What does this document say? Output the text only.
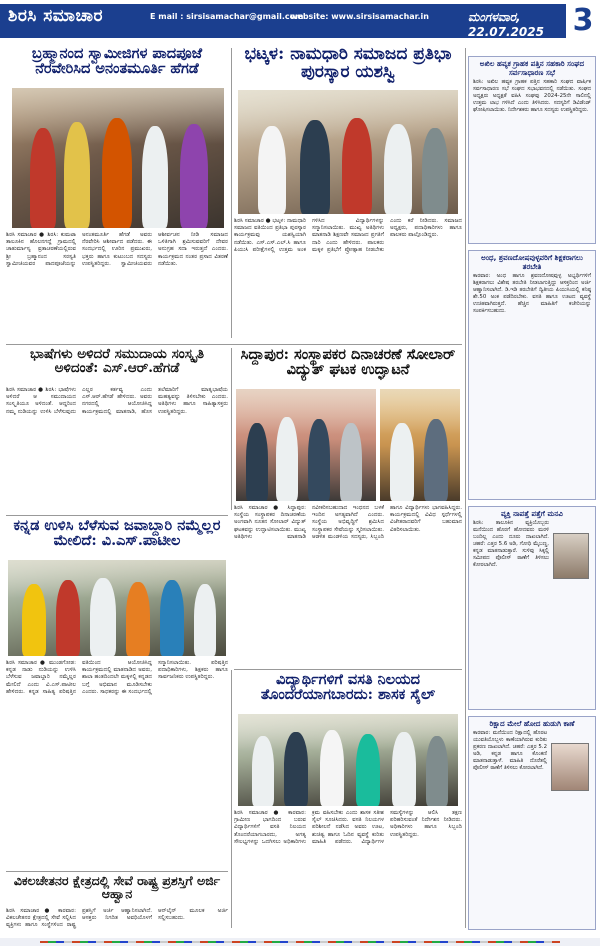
ಶಿರಸಿ ಸಮಾಚಾರ	E mail : sirsisamachar@gmail.com
website: www.sirsisamachar.in	ಮಂಗಳವಾರ, 22.07.2025 3
ಬ್ರಹ್ಮಾನಂದ ಸ್ವಾಮೀಜಿಗಳ ಪಾದಪೂಜೆ ನೆರವೇರಿಸಿದ ಅನಂತಮೂರ್ತಿ ಹೆಗಡೆ
ಶಿರಸಿ ಸಮಾಚಾರ ● ಶಿರಸಿ: ಕುಮಟಾ ತಾಲೂಕಿನ ಹೊಲನಗದ್ದೆ ಗ್ರಾಮದಲ್ಲಿ ಚಾತುರ್ಮಾಸ್ಯ ವ್ರತಾಚರಣೆಯಲ್ಲಿರುವ ಶ್ರೀ ಬ್ರಹ್ಮಾನಂದ ಸರಸ್ವತಿ ಸ್ವಾಮೀಜಿಯವರ ಪಾದಪೂಜೆಯನ್ನು ಅನಂತಮೂರ್ತಿ ಹೆಗಡೆ ಅವರು ನೆರವೇರಿಸಿ ಆಶೀರ್ವಾದ ಪಡೆದರು. ಈ ಸಂದರ್ಭದಲ್ಲಿ ಊರಿನ ಪ್ರಮುಖರು, ಭಕ್ತರು ಹಾಗೂ ಕುಟುಂಬದ ಸದಸ್ಯರು ಉಪಸ್ಥಿತರಿದ್ದರು. ಸ್ವಾಮೀಜಿಯವರು ಆಶೀರ್ವಚನ ನೀಡಿ ಸಮಾಜದ ಒಳಿತಿಗಾಗಿ ಶ್ರಮಿಸುವವರಿಗೆ ದೇವರ ಅನುಗ್ರಹ ಸದಾ ಇರುತ್ತದೆ ಎಂದರು. ಕಾರ್ಯಕ್ರಮದ ನಂತರ ಪ್ರಸಾದ ವಿತರಣೆ ನಡೆಯಿತು.
ಭಟ್ಕಳ: ನಾಮಧಾರಿ ಸಮಾಜದ ಪ್ರತಿಭಾ ಪುರಸ್ಕಾರ ಯಶಸ್ವಿ
ಶಿರಸಿ ಸಮಾಚಾರ ● ಭಟ್ಕಳ: ನಾಮಧಾರಿ ಸಮಾಜದ ವತಿಯಿಂದ ಪ್ರತಿಭಾ ಪುರಸ್ಕಾರ ಕಾರ್ಯಕ್ರಮವು ಯಶಸ್ವಿಯಾಗಿ ನಡೆಯಿತು. ಎಸ್.ಎಸ್.ಎಲ್.ಸಿ ಹಾಗೂ ಪಿಯುಸಿ ಪರೀಕ್ಷೆಗಳಲ್ಲಿ ಉತ್ತಮ ಅಂಕ ಗಳಿಸಿದ ವಿದ್ಯಾರ್ಥಿಗಳನ್ನು ಸನ್ಮಾನಿಸಲಾಯಿತು. ಮುಖ್ಯ ಅತಿಥಿಗಳು ಮಾತನಾಡಿ ಶಿಕ್ಷಣವೇ ಸಮಾಜದ ಪ್ರಗತಿಗೆ ದಾರಿ ಎಂದು ಹೇಳಿದರು. ಪಾಲಕರು ಮಕ್ಕಳ ಪ್ರತಿಭೆಗೆ ಪ್ರೋತ್ಸಾಹ ನೀಡಬೇಕು ಎಂದು ಕರೆ ನೀಡಿದರು. ಸಮಾಜದ ಅಧ್ಯಕ್ಷರು, ಪದಾಧಿಕಾರಿಗಳು ಹಾಗೂ ಪಾಲಕರು ಪಾಲ್ಗೊಂಡಿದ್ದರು.
ಭಾಷೆಗಳು ಅಳಿದರೆ ಸಮುದಾಯ ಸಂಸ್ಕೃತಿ ಅಳಿದಂತೆ: ಎಸ್.ಆರ್.ಹೆಗಡೆ
ಶಿರಸಿ ಸಮಾಚಾರ ● ಶಿರಸಿ: ಭಾಷೆಗಳು ಅಳಿದರೆ ಆ ಸಮುದಾಯದ ಸಂಸ್ಕೃತಿಯೂ ಅಳಿದಂತೆ. ಆದ್ದರಿಂದ ನಮ್ಮ ನುಡಿಯನ್ನು ಉಳಿಸಿ ಬೆಳೆಸುವುದು ಎಲ್ಲರ ಕರ್ತವ್ಯ ಎಂದು ಎಸ್.ಆರ್.ಹೆಗಡೆ ಹೇಳಿದರು. ಅವರು ನಗರದಲ್ಲಿ ಆಯೋಜಿಸಿದ್ದ ಕಾರ್ಯಕ್ರಮದಲ್ಲಿ ಮಾತನಾಡಿ, ಹೊಸ ತಲೆಮಾರಿಗೆ ಮಾತೃಭಾಷೆಯ ಮಹತ್ವವನ್ನು ತಿಳಿಸಬೇಕು ಎಂದರು. ಅತಿಥಿಗಳು ಹಾಗೂ ಸಾಹಿತ್ಯಾಸಕ್ತರು ಉಪಸ್ಥಿತರಿದ್ದರು.
ಸಿದ್ದಾಪುರ: ಸಂಸ್ಥಾಪಕರ ದಿನಾಚರಣೆ ಸೋಲಾರ್ ವಿದ್ಯುತ್ ಘಟಕ ಉದ್ಘಾಟನೆ
ಶಿರಸಿ ಸಮಾಚಾರ ● ಸಿದ್ದಾಪುರ: ಸಂಸ್ಥೆಯ ಸಂಸ್ಥಾಪಕರ ದಿನಾಚರಣೆಯ ಅಂಗವಾಗಿ ನೂತನ ಸೋಲಾರ್ ವಿದ್ಯುತ್ ಘಟಕವನ್ನು ಉದ್ಘಾಟಿಸಲಾಯಿತು. ಮುಖ್ಯ ಅತಿಥಿಗಳು ಮಾತನಾಡಿ ನವೀಕರಿಸಬಹುದಾದ ಇಂಧನದ ಬಳಕೆ ಇಂದಿನ ಅಗತ್ಯವಾಗಿದೆ ಎಂದರು. ಸಂಸ್ಥೆಯ ಅಭಿವೃದ್ಧಿಗೆ ಶ್ರಮಿಸಿದ ಸಂಸ್ಥಾಪಕರ ಸೇವೆಯನ್ನು ಸ್ಮರಿಸಲಾಯಿತು. ಆಡಳಿತ ಮಂಡಳಿಯ ಸದಸ್ಯರು, ಸಿಬ್ಬಂದಿ ಹಾಗೂ ವಿದ್ಯಾರ್ಥಿಗಳು ಭಾಗವಹಿಸಿದ್ದರು. ಕಾರ್ಯಕ್ರಮದಲ್ಲಿ ವಿವಿಧ ಸ್ಪರ್ಧೆಗಳಲ್ಲಿ ವಿಜೇತರಾದವರಿಗೆ ಬಹುಮಾನ ವಿತರಿಸಲಾಯಿತು.
ಕನ್ನಡ ಉಳಿಸಿ ಬೆಳೆಸುವ ಜವಾಬ್ದಾರಿ ನಮ್ಮೆಲ್ಲರ ಮೇಲಿದೆ: ವಿ.ಎಸ್.ಪಾಟೀಲ
ಶಿರಸಿ ಸಮಾಚಾರ ● ಮುಂಡಗೋಡ: ಕನ್ನಡ ನಾಡು ನುಡಿಯನ್ನು ಉಳಿಸಿ ಬೆಳೆಸುವ ಜವಾಬ್ದಾರಿ ನಮ್ಮೆಲ್ಲರ ಮೇಲಿದೆ ಎಂದು ವಿ.ಎಸ್.ಪಾಟೀಲ ಹೇಳಿದರು. ಕನ್ನಡ ಸಾಹಿತ್ಯ ಪರಿಷತ್ತಿನ ವತಿಯಿಂದ ಆಯೋಜಿಸಿದ್ದ ಕಾರ್ಯಕ್ರಮದಲ್ಲಿ ಮಾತನಾಡಿದ ಅವರು, ಶಾಲಾ ಹಂತದಿಂದಲೇ ಮಕ್ಕಳಲ್ಲಿ ಕನ್ನಡದ ಬಗ್ಗೆ ಅಭಿಮಾನ ಮೂಡಿಸಬೇಕು ಎಂದರು. ಸಾಧಕರನ್ನು ಈ ಸಂದರ್ಭದಲ್ಲಿ ಸನ್ಮಾನಿಸಲಾಯಿತು. ಪರಿಷತ್ತಿನ ಪದಾಧಿಕಾರಿಗಳು, ಶಿಕ್ಷಕರು ಹಾಗೂ ಸಾರ್ವಜನಿಕರು ಉಪಸ್ಥಿತರಿದ್ದರು.	ವಿದ್ಯಾರ್ಥಿಗಳಿಗೆ ವಸತಿ ನಿಲಯದ ತೊಂದರೆಯಾಗಬಾರದು: ಶಾಸಕ ಸೈಲ್
ಶಿರಸಿ ಸಮಾಚಾರ ● ಕಾರವಾರ: ಗ್ರಾಮೀಣ ಭಾಗದಿಂದ ಬರುವ ವಿದ್ಯಾರ್ಥಿಗಳಿಗೆ ವಸತಿ ನಿಲಯದ ತೊಂದರೆಯಾಗಬಾರದು, ಅಗತ್ಯ ಸೌಲಭ್ಯಗಳನ್ನು ಒದಗಿಸಲು ಅಧಿಕಾರಿಗಳು ಕ್ರಮ ವಹಿಸಬೇಕು ಎಂದು ಶಾಸಕ ಸತೀಶ ಸೈಲ್ ಸೂಚಿಸಿದರು. ವಸತಿ ನಿಲಯಗಳ ಪರಿಶೀಲನೆ ನಡೆಸಿದ ಅವರು ಊಟ, ಶುಚಿತ್ವ ಹಾಗೂ ಓದಿನ ವ್ಯವಸ್ಥೆ ಕುರಿತು ಮಾಹಿತಿ ಪಡೆದರು. ವಿದ್ಯಾರ್ಥಿಗಳ ಸಮಸ್ಯೆಗಳನ್ನು ಆಲಿಸಿ ತಕ್ಷಣ ಪರಿಹರಿಸುವಂತೆ ನಿರ್ದೇಶನ ನೀಡಿದರು. ಅಧಿಕಾರಿಗಳು ಹಾಗೂ ಸಿಬ್ಬಂದಿ ಉಪಸ್ಥಿತರಿದ್ದರು.
ವಿಕಲಚೇತನರ ಕ್ಷೇತ್ರದಲ್ಲಿ ಸೇವೆ ರಾಷ್ಟ್ರ ಪ್ರಶಸ್ತಿಗೆ ಅರ್ಜಿ ಆಹ್ವಾನ
ಶಿರಸಿ ಸಮಾಚಾರ ● ಕಾರವಾರ: ವಿಕಲಚೇತನರ ಕ್ಷೇತ್ರದಲ್ಲಿ ಸೇವೆ ಸಲ್ಲಿಸಿದ ವ್ಯಕ್ತಿಗಳು ಹಾಗೂ ಸಂಸ್ಥೆಗಳಿಂದ ರಾಷ್ಟ್ರ ಪ್ರಶಸ್ತಿಗೆ ಅರ್ಜಿ ಆಹ್ವಾನಿಸಲಾಗಿದೆ. ಆಸಕ್ತರು ನಿಗದಿತ ಅವಧಿಯೊಳಗೆ ಆನ್‌ಲೈನ್ ಮೂಲಕ ಅರ್ಜಿ ಸಲ್ಲಿಸಬಹುದು.
ಅಖಿಲ ಹವ್ಯಕ ಗ್ರಾಹಕ ಪತ್ತಿನ ಸಹಕಾರಿ ಸಂಘದ ಸರ್ವಸಾಧಾರಣ ಸಭೆ
ಶಿರಸಿ: ಅಖಿಲ ಹವ್ಯಕ ಗ್ರಾಹಕ ಪತ್ತಿನ ಸಹಕಾರಿ ಸಂಘದ ವಾರ್ಷಿಕ ಸರ್ವಸಾಧಾರಣ ಸಭೆ ಸಂಘದ ಸಭಾಭವನದಲ್ಲಿ ನಡೆಯಿತು. ಸಂಘದ ಅಧ್ಯಕ್ಷರು ಅಧ್ಯಕ್ಷತೆ ವಹಿಸಿ ಸಂಘವು 2024-25ನೇ ಸಾಲಿನಲ್ಲಿ ಉತ್ತಮ ಲಾಭ ಗಳಿಸಿದೆ ಎಂದು ತಿಳಿಸಿದರು. ಸದಸ್ಯರಿಗೆ ಡಿವಿಡೆಂಡ್ ಘೋಷಿಸಲಾಯಿತು. ನಿರ್ದೇಶಕರು ಹಾಗೂ ಸದಸ್ಯರು ಉಪಸ್ಥಿತರಿದ್ದರು.
ಅಂಧ, ಶ್ರವಣದೋಷವುಳ್ಳವರಿಗೆ ಶಿಕ್ಷಕರಾಗಲು ತರಬೇತಿ
ಕಾರವಾರ: ಅಂಧ ಹಾಗೂ ಶ್ರವಣದೋಷವುಳ್ಳ ಅಭ್ಯರ್ಥಿಗಳಿಗೆ ಶಿಕ್ಷಕರಾಗಲು ವಿಶೇಷ ತರಬೇತಿ ನೀಡಲಾಗುತ್ತಿದ್ದು ಆಸಕ್ತರಿಂದ ಅರ್ಜಿ ಆಹ್ವಾನಿಸಲಾಗಿದೆ. ಡಿ.ಇಡಿ ತರಬೇತಿಗೆ ದ್ವಿತೀಯ ಪಿಯುಸಿಯಲ್ಲಿ ಕನಿಷ್ಠ ಶೇ.50 ಅಂಕ ಪಡೆದಿರಬೇಕು. ವಸತಿ ಹಾಗೂ ಊಟದ ವ್ಯವಸ್ಥೆ ಉಚಿತವಾಗಿರುತ್ತದೆ. ಹೆಚ್ಚಿನ ಮಾಹಿತಿಗೆ ಕಚೇರಿಯನ್ನು ಸಂಪರ್ಕಿಸಬಹುದು.
ವ್ಯಕ್ತಿ ನಾಪತ್ತೆ ಪತ್ತೆಗೆ ಮನವಿ
ಶಿರಸಿ: ತಾಲೂಕಿನ ವ್ಯಕ್ತಿಯೊಬ್ಬರು ಮನೆಯಿಂದ ಹೊರಗೆ ಹೋದವರು ಮರಳಿ ಬಂದಿಲ್ಲ ಎಂದು ದೂರು ದಾಖಲಾಗಿದೆ. ಚಹರೆ: ಎತ್ತರ 5.6 ಅಡಿ, ಗೋಧಿ ಮೈಬಣ್ಣ, ಕನ್ನಡ ಮಾತನಾಡುತ್ತಾರೆ. ಸುಳಿವು ಸಿಕ್ಕಲ್ಲಿ ಸಮೀಪದ ಪೊಲೀಸ್ ಠಾಣೆಗೆ ತಿಳಿಸಲು ಕೋರಲಾಗಿದೆ.
ರಿಕ್ಷಾದ ಮೇಲೆ ಹೋದ ಹುಡುಗಿ ಕಾಣೆ
ಕಾರವಾರ: ಮನೆಯಿಂದ ರಿಕ್ಷಾದಲ್ಲಿ ಹೊರಟ ಯುವತಿಯೊಬ್ಬಳು ಕಾಣೆಯಾಗಿರುವ ಕುರಿತು ಪ್ರಕರಣ ದಾಖಲಾಗಿದೆ. ಚಹರೆ: ಎತ್ತರ 5.2 ಅಡಿ, ಕನ್ನಡ ಹಾಗೂ ಕೊಂಕಣಿ ಮಾತನಾಡುತ್ತಾಳೆ. ಮಾಹಿತಿ ದೊರೆತಲ್ಲಿ ಪೊಲೀಸ್ ಠಾಣೆಗೆ ತಿಳಿಸಲು ಕೋರಲಾಗಿದೆ.
